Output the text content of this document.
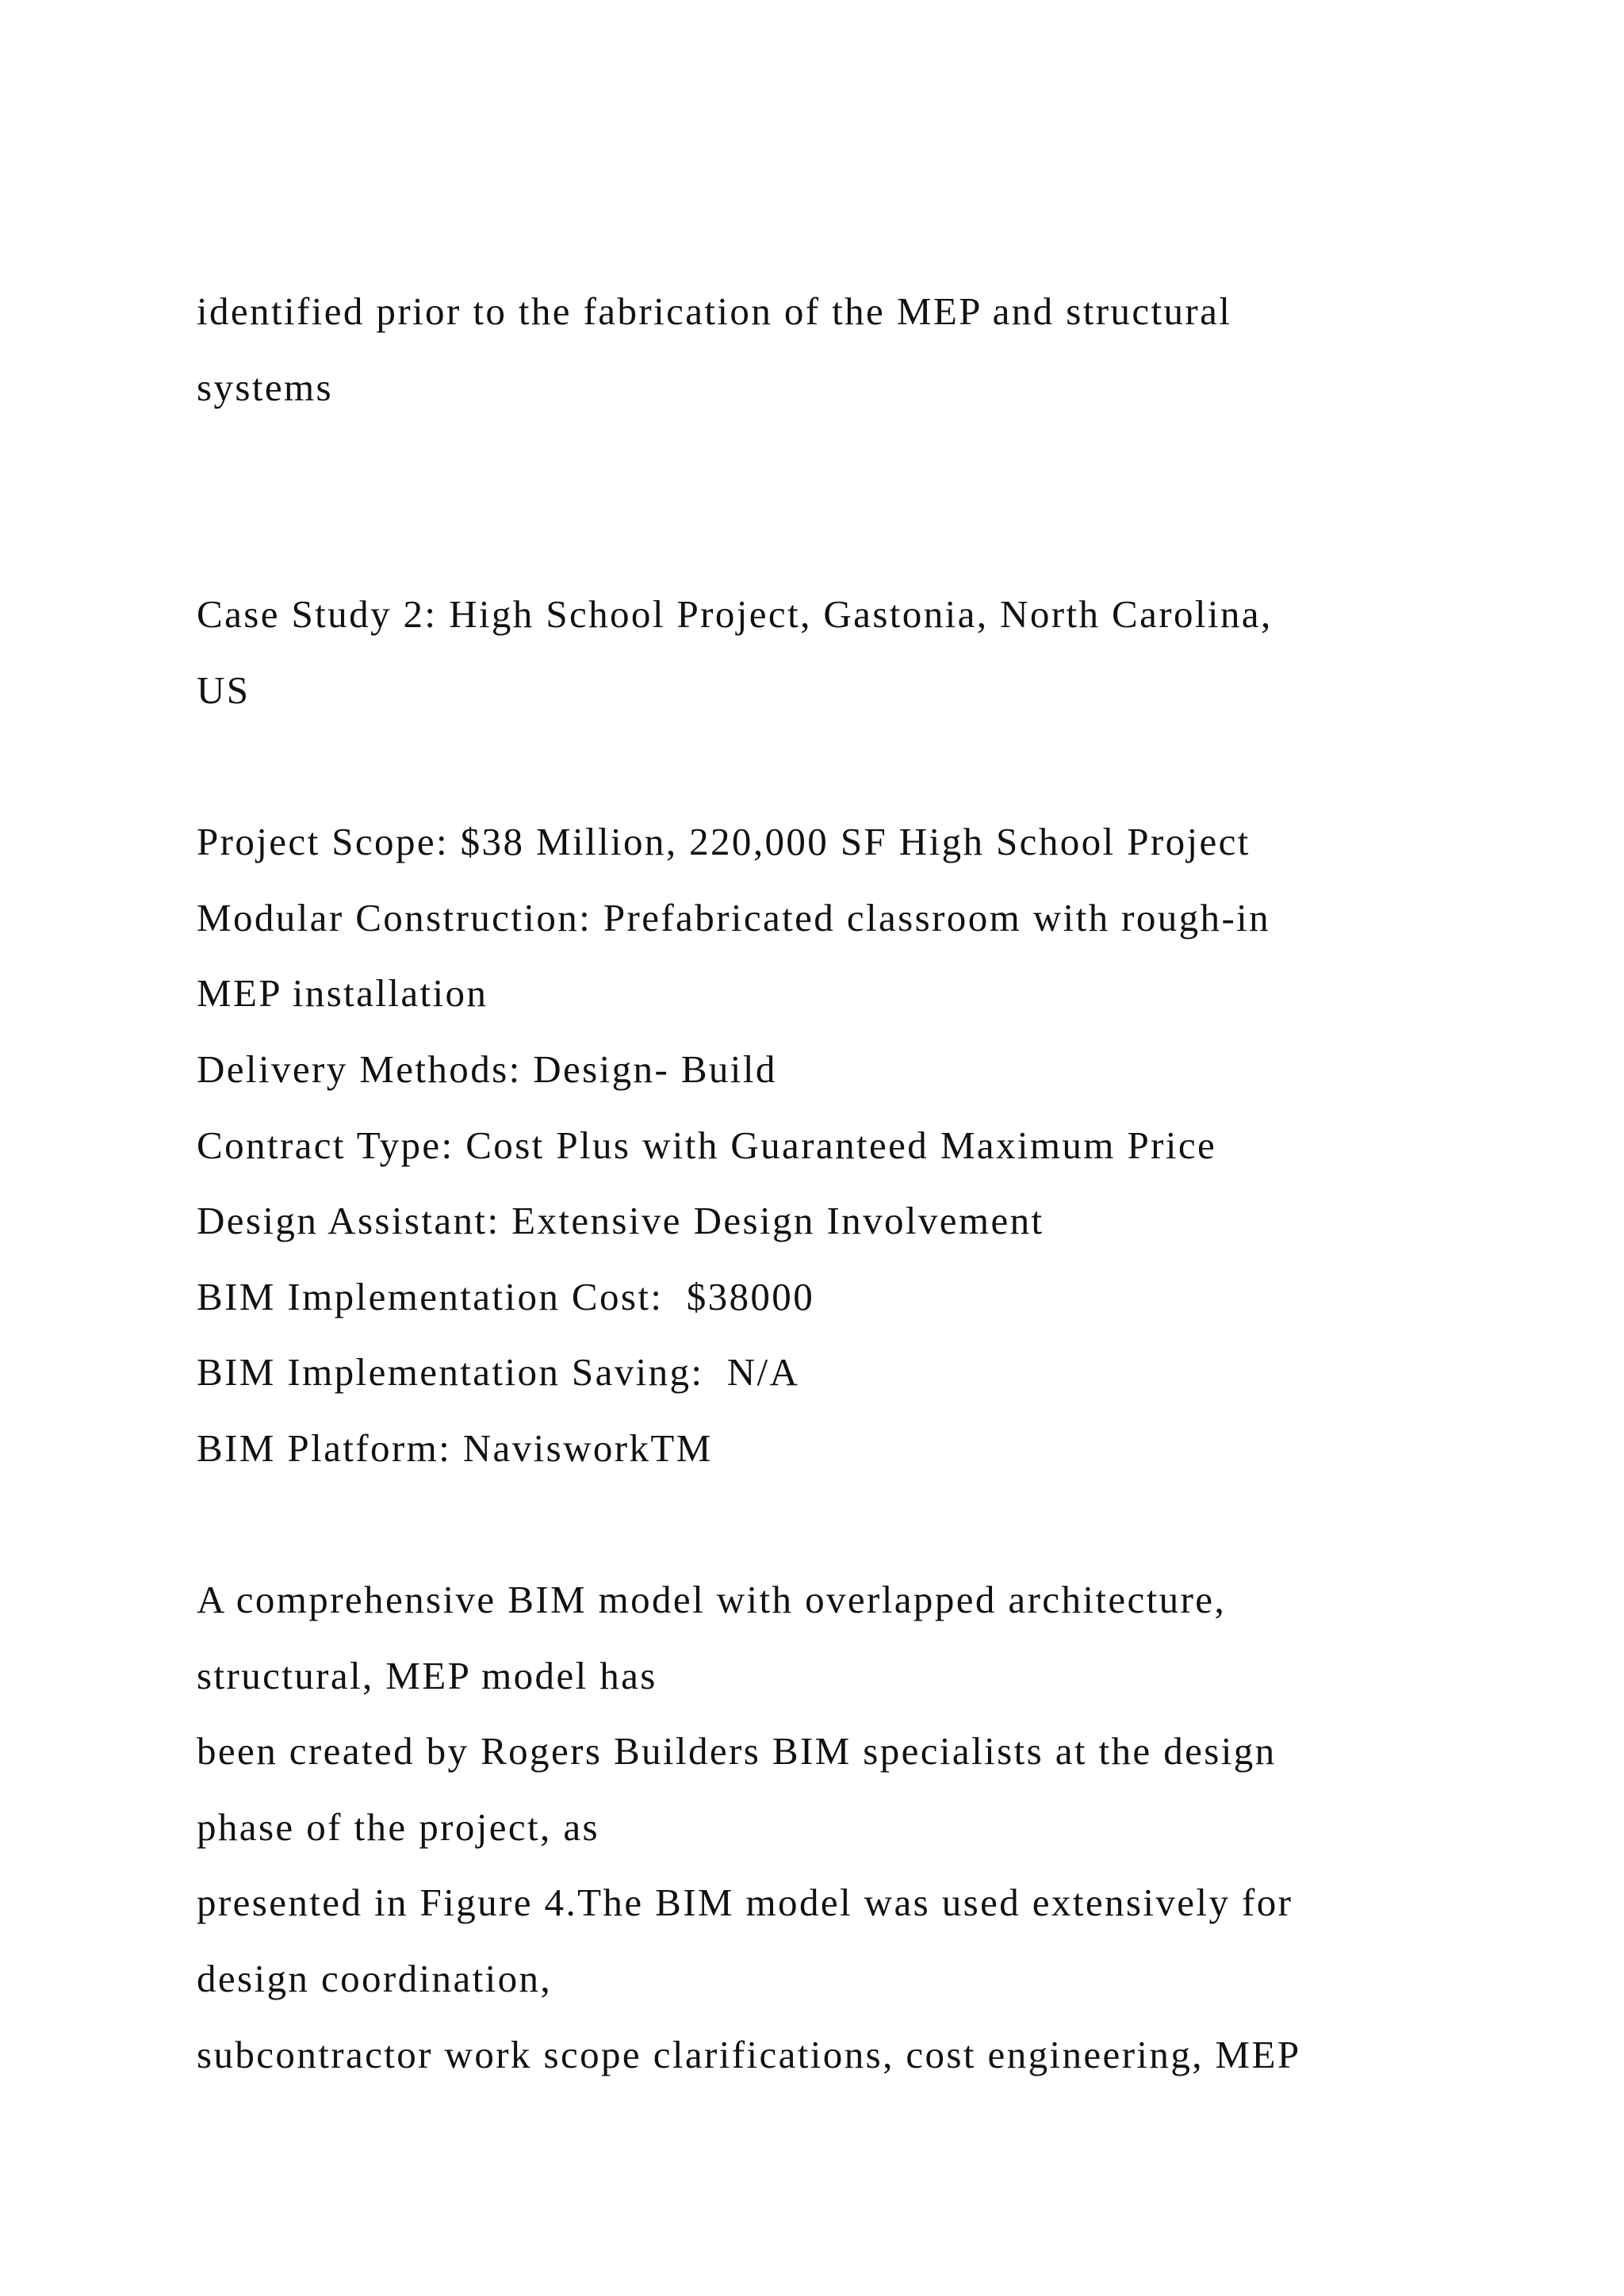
identified prior to the fabrication of the MEP and structural
systems
Case Study 2: High School Project, Gastonia, North Carolina,
US
Project Scope: $38 Million, 220,000 SF High School Project
Modular Construction: Prefabricated classroom with rough-in
MEP installation
Delivery Methods: Design- Build
Contract Type: Cost Plus with Guaranteed Maximum Price
Design Assistant: Extensive Design Involvement
BIM Implementation Cost:  $38000
BIM Implementation Saving:  N/A
BIM Platform: NavisworkTM
A comprehensive BIM model with overlapped architecture,
structural, MEP model has
been created by Rogers Builders BIM specialists at the design
phase of the project, as
presented in Figure 4.The BIM model was used extensively for
design coordination,
subcontractor work scope clarifications, cost engineering, MEP
